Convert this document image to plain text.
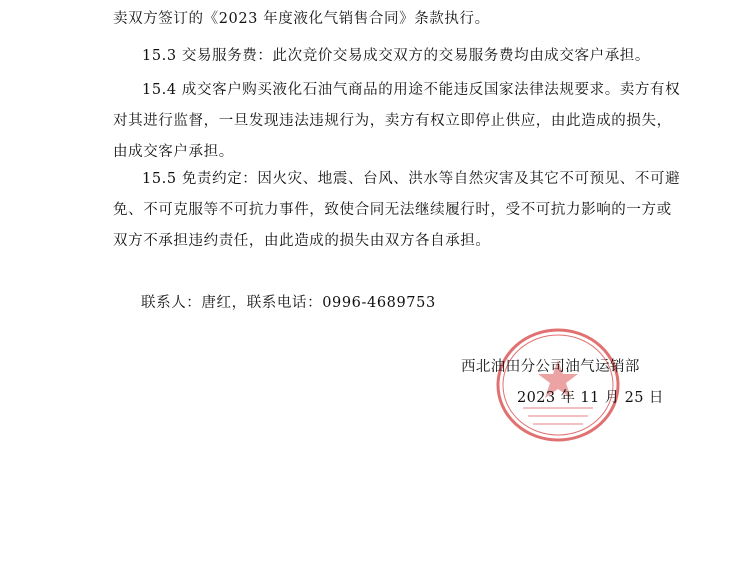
卖双方签订的《2023 年度液化气销售合同》条款执行。

15.3 交易服务费：此次竞价交易成交双方的交易服务费均由成交客户承担。

15.4 成交客户购买液化石油气商品的用途不能违反国家法律法规要求。卖方有权
对其进行监督，一旦发现违法违规行为，卖方有权立即停止供应，由此造成的损失，
由成交客户承担。

15.5 免责约定：因火灾、地震、台风、洪水等自然灾害及其它不可预见、不可避
免、不可克服等不可抗力事件，致使合同无法继续履行时，受不可抗力影响的一方或
双方不承担违约责任，由此造成的损失由双方各自承担。

联系人：唐红，联系电话：0996-4689753
西北油田分公司油气运销部
2023 年 11 月 25 日
